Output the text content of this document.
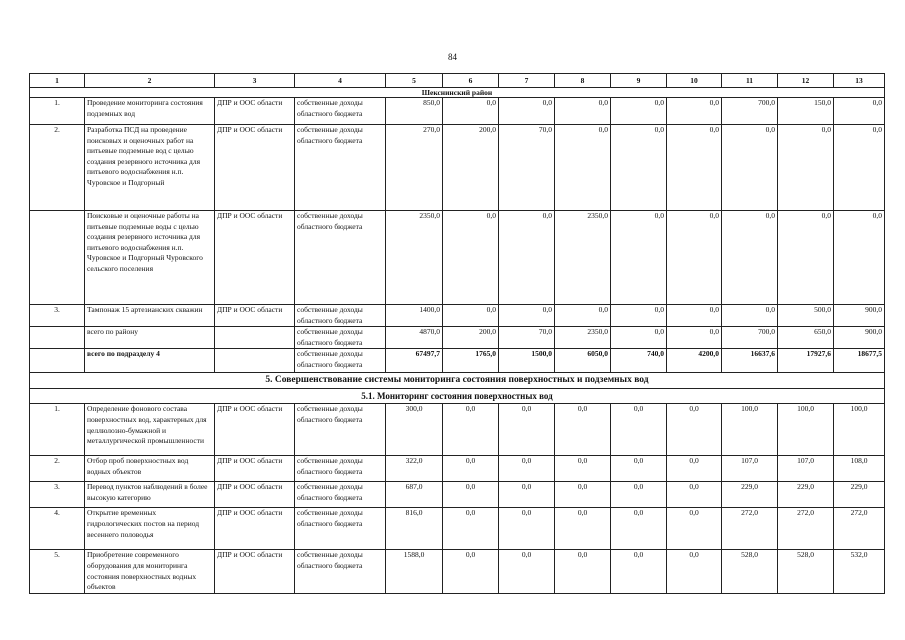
84
1	2	3	4	5	6	7	8	9	10	11	12	13
Шекснинский район												
1.	Проведение мониторинга состояния подземных вод	ДПР и ООС области	собственные доходы областного бюджета	850,0	0,0	0,0	0,0	0,0	0,0	700,0	150,0	0,0
2.	Разработка ПСД на проведение поисковых и оценочных работ на питьевые подземные вод с целью создания резервного источника для питьевого водоснабжения н.п. Чуровское и Подгорный	ДПР и ООС области	собственные доходы областного бюджета	270,0	200,0	70,0	0,0	0,0	0,0	0,0	0,0	0,0
	Поисковые и оценочные работы на питьевые подземные воды с целью создания резервного источника для питьевого водоснабжения н.п. Чуровское и Подгорный Чуровского сельского поселения	ДПР и ООС области	собственные доходы областного бюджета	2350,0	0,0	0,0	2350,0	0,0	0,0	0,0	0,0	0,0
3.	Тампонаж 15 артезианских скважин	ДПР и ООС области	собственные доходы областного бюджета	1400,0	0,0	0,0	0,0	0,0	0,0	0,0	500,0	900,0
	всего по району		собственные доходы областного бюджета	4870,0	200,0	70,0	2350,0	0,0	0,0	700,0	650,0	900,0
	всего по подразделу 4		собственные доходы областного бюджета	67497,7	1765,0	1500,0	6050,0	740,0	4200,0	16637,6	17927,6	18677,5
5. Совершенствование системы мониторинга состояния поверхностных и подземных вод												
5.1. Мониторинг состояния поверхностных вод												
1.	Определение фонового состава поверхностных вод, характерных для целлюлозно-бумажной и металлургической промышленности	ДПР и ООС области	собственные доходы областного бюджета	300,0	0,0	0,0	0,0	0,0	0,0	100,0	100,0	100,0
2.	Отбор проб поверхностных вод водных объектов	ДПР и ООС области	собственные доходы областного бюджета	322,0	0,0	0,0	0,0	0,0	0,0	107,0	107,0	108,0
3.	Перевод пунктов наблюдений в более высокую категорию	ДПР и ООС области	собственные доходы областного бюджета	687,0	0,0	0,0	0,0	0,0	0,0	229,0	229,0	229,0
4.	Открытие временных гидрологических постов на период весеннего половодья	ДПР и ООС области	собственные доходы областного бюджета	816,0	0,0	0,0	0,0	0,0	0,0	272,0	272,0	272,0
5.	Приобретение современного оборудования для мониторинга состояния поверхностных водных объектов	ДПР и ООС области	собственные доходы областного бюджета	1588,0	0,0	0,0	0,0	0,0	0,0	528,0	528,0	532,0
